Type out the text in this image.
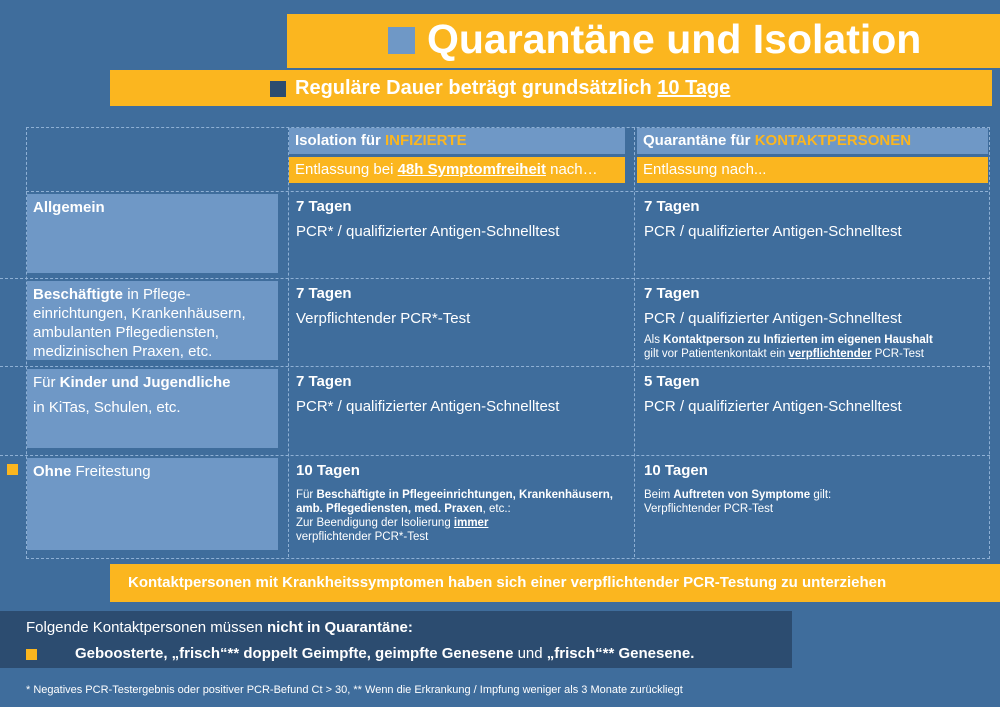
Quarantäne und Isolation
Reguläre Dauer beträgt grundsätzlich 10 Tage
Isolation für INFIZIERTE
Entlassung bei 48h Symptomfreiheit nach…
Quarantäne für KONTAKTPERSONEN
Entlassung nach...
Allgemein	7 Tagen
PCR* / qualifizierter Antigen-Schnelltest
7 Tagen
PCR / qualifizierter Antigen-Schnelltest
Beschäftigte in Pflege-
einrichtungen, Krankenhäusern,
ambulanten Pflegediensten,
medizinischen Praxen, etc.
7 Tagen
Verpflichtender PCR*-Test
7 Tagen
PCR / qualifizierter Antigen-Schnelltest
Als Kontaktperson zu Infizierten im eigenen Haushalt
gilt vor Patientenkontakt ein verpflichtender PCR-Test
Für Kinder und Jugendliche
in KiTas, Schulen, etc.
7 Tagen
PCR* / qualifizierter Antigen-Schnelltest
5 Tagen
PCR / qualifizierter Antigen-Schnelltest
Ohne Freitestung	10 Tagen
Für Beschäftigte in Pflegeeinrichtungen, Krankenhäusern,
amb. Pflegediensten, med. Praxen, etc.:
Zur Beendigung der Isolierung immer
verpflichtender PCR*-Test
10 Tagen
Beim Auftreten von Symptome gilt:
Verpflichtender PCR-Test
Kontaktpersonen mit Krankheitssymptomen haben sich einer verpflichtender PCR-Testung zu unterziehen
Folgende Kontaktpersonen müssen nicht in Quarantäne:
Geboosterte, „frisch“** doppelt Geimpfte, geimpfte Genesene und „frisch“** Genesene.
* Negatives PCR-Testergebnis oder positiver PCR-Befund Ct > 30, ** Wenn die Erkrankung / Impfung weniger als 3 Monate zurückliegt
